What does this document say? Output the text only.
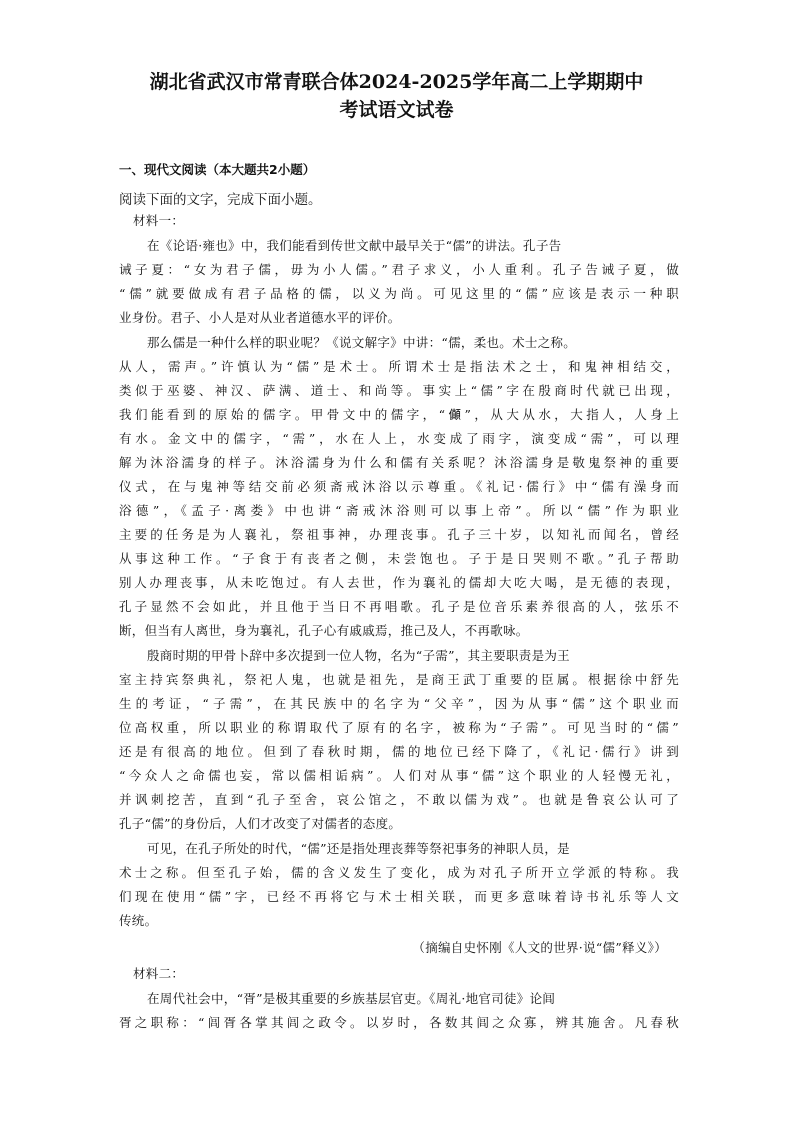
湖北省武汉市常青联合体2024-2025学年高二上学期期中
考试语文试卷
一、现代文阅读（本大题共2小题）

阅读下面的文字，完成下面小题。

材料一：

在《论语·雍也》中，我们能看到传世文献中最早关于“儒”的讲法。孔子告

诫子夏：“女为君子儒，毋为小人儒。”君子求义，小人重利。孔子告诫子夏，做

“儒”就要做成有君子品格的儒，以义为尚。可见这里的“儒”应该是表示一种职

业身份。君子、小人是对从业者道德水平的评价。

那么儒是一种什么样的职业呢？《说文解字》中讲：“儒，柔也。术士之称。

从人，需声。”许慎认为“儒”是术士。所谓术士是指法术之士，和鬼神相结交，

类似于巫婆、神汉、萨满、道士、和尚等。事实上“儒”字在殷商时代就已出现，

我们能看到的原始的儒字。甲骨文中的儒字，“𠑘”，从大从水，大指人，人身上

有水。金文中的儒字，“需”，水在人上，水变成了雨字，演变成“需”，可以理

解为沐浴濡身的样子。沐浴濡身为什么和儒有关系呢？沐浴濡身是敬鬼祭神的重要

仪式，在与鬼神等结交前必须斋戒沐浴以示尊重。《礼记·儒行》中“儒有澡身而

浴德”，《孟子·离娄》中也讲“斋戒沐浴则可以事上帝”。所以“儒”作为职业

主要的任务是为人襄礼，祭祖事神，办理丧事。孔子三十岁，以知礼而闻名，曾经

从事这种工作。“子食于有丧者之侧，未尝饱也。子于是日哭则不歌。”孔子帮助

别人办理丧事，从未吃饱过。有人去世，作为襄礼的儒却大吃大喝，是无德的表现，

孔子显然不会如此，并且他于当日不再唱歌。孔子是位音乐素养很高的人，弦乐不

断，但当有人离世，身为襄礼，孔子心有戚戚焉，推己及人，不再歌咏。

殷商时期的甲骨卜辞中多次提到一位人物，名为“子需”，其主要职责是为王

室主持宾祭典礼，祭祀人鬼，也就是祖先，是商王武丁重要的臣属。根据徐中舒先

生的考证，“子需”，在其民族中的名字为“父辛”，因为从事“儒”这个职业而

位高权重，所以职业的称谓取代了原有的名字，被称为“子需”。可见当时的“儒”

还是有很高的地位。但到了春秋时期，儒的地位已经下降了，《礼记·儒行》讲到

“今众人之命儒也妄，常以儒相诟病”。人们对从事“儒”这个职业的人轻慢无礼，

并讽刺挖苦，直到“孔子至舍，哀公馆之，不敢以儒为戏”。也就是鲁哀公认可了

孔子“儒”的身份后，人们才改变了对儒者的态度。

可见，在孔子所处的时代，“儒”还是指处理丧葬等祭祀事务的神职人员，是

术士之称。但至孔子始，儒的含义发生了变化，成为对孔子所开立学派的特称。我

们现在使用“儒”字，已经不再将它与术士相关联，而更多意味着诗书礼乐等人文

传统。

（摘编自史怀刚《人文的世界·说“儒”释义》）

材料二：

在周代社会中，“胥”是极其重要的乡族基层官吏。《周礼·地官司徒》论闾

胥之职称：“闾胥各掌其闾之政令。以岁时，各数其闾之众寡，辨其施舍。凡春秋
